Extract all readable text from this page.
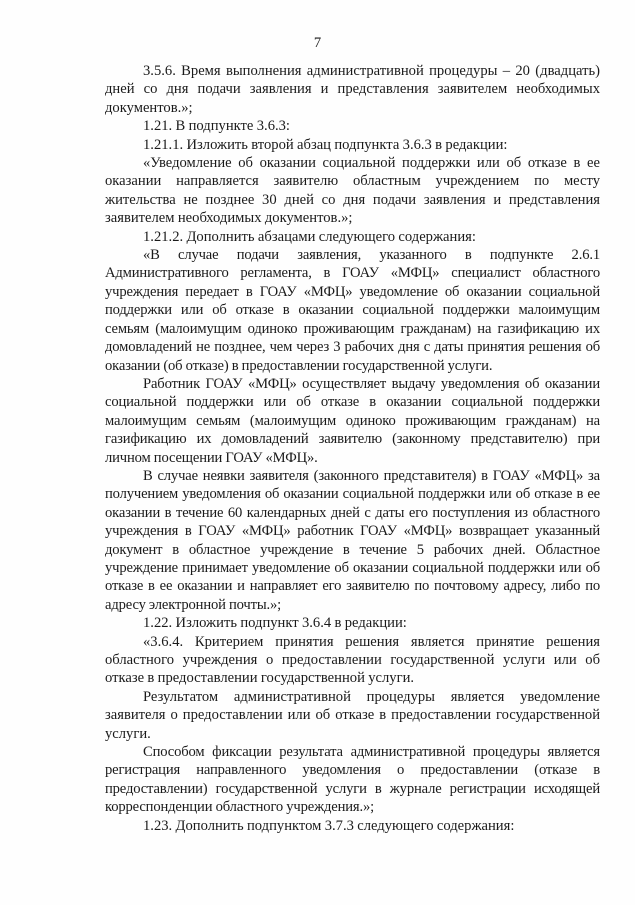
7

3.5.6. Время выполнения административной процедуры – 20 (двадцать) дней со дня подачи заявления и представления заявителем необходимых документов.»;

1.21. В подпункте 3.6.3:

1.21.1. Изложить второй абзац подпункта 3.6.3 в редакции:

«Уведомление об оказании социальной поддержки или об отказе в ее оказании направляется заявителю областным учреждением по месту жительства не позднее 30 дней со дня подачи заявления и представления заявителем необходимых документов.»;

1.21.2. Дополнить абзацами следующего содержания:

«В случае подачи заявления, указанного в подпункте 2.6.1 Административного регламента, в ГОАУ «МФЦ» специалист областного учреждения передает в ГОАУ «МФЦ» уведомление об оказании социальной поддержки или об отказе в оказании социальной поддержки малоимущим семьям (малоимущим одиноко проживающим гражданам) на газификацию их домовладений не позднее, чем через 3 рабочих дня с даты принятия решения об оказании (об отказе) в предоставлении государственной услуги.

Работник ГОАУ «МФЦ» осуществляет выдачу уведомления об оказании социальной поддержки или об отказе в оказании социальной поддержки малоимущим семьям (малоимущим одиноко проживающим гражданам) на газификацию их домовладений заявителю (законному представителю) при личном посещении ГОАУ «МФЦ».

В случае неявки заявителя (законного представителя) в ГОАУ «МФЦ» за получением уведомления об оказании социальной поддержки или об отказе в ее оказании в течение 60 календарных дней с даты его поступления из областного учреждения в ГОАУ «МФЦ» работник ГОАУ «МФЦ» возвращает указанный документ в областное учреждение в течение 5 рабочих дней. Областное учреждение принимает уведомление об оказании социальной поддержки или об отказе в ее оказании и направляет его заявителю по почтовому адресу, либо по адресу электронной почты.»;

1.22. Изложить подпункт 3.6.4 в редакции:

«3.6.4. Критерием принятия решения является принятие решения областного учреждения о предоставлении государственной услуги или об отказе в предоставлении государственной услуги.

Результатом административной процедуры является уведомление заявителя о предоставлении или об отказе в предоставлении государственной услуги.

Способом фиксации результата административной процедуры является регистрация направленного уведомления о предоставлении (отказе в предоставлении) государственной услуги в журнале регистрации исходящей корреспонденции областного учреждения.»;

1.23. Дополнить подпунктом 3.7.3 следующего содержания:
